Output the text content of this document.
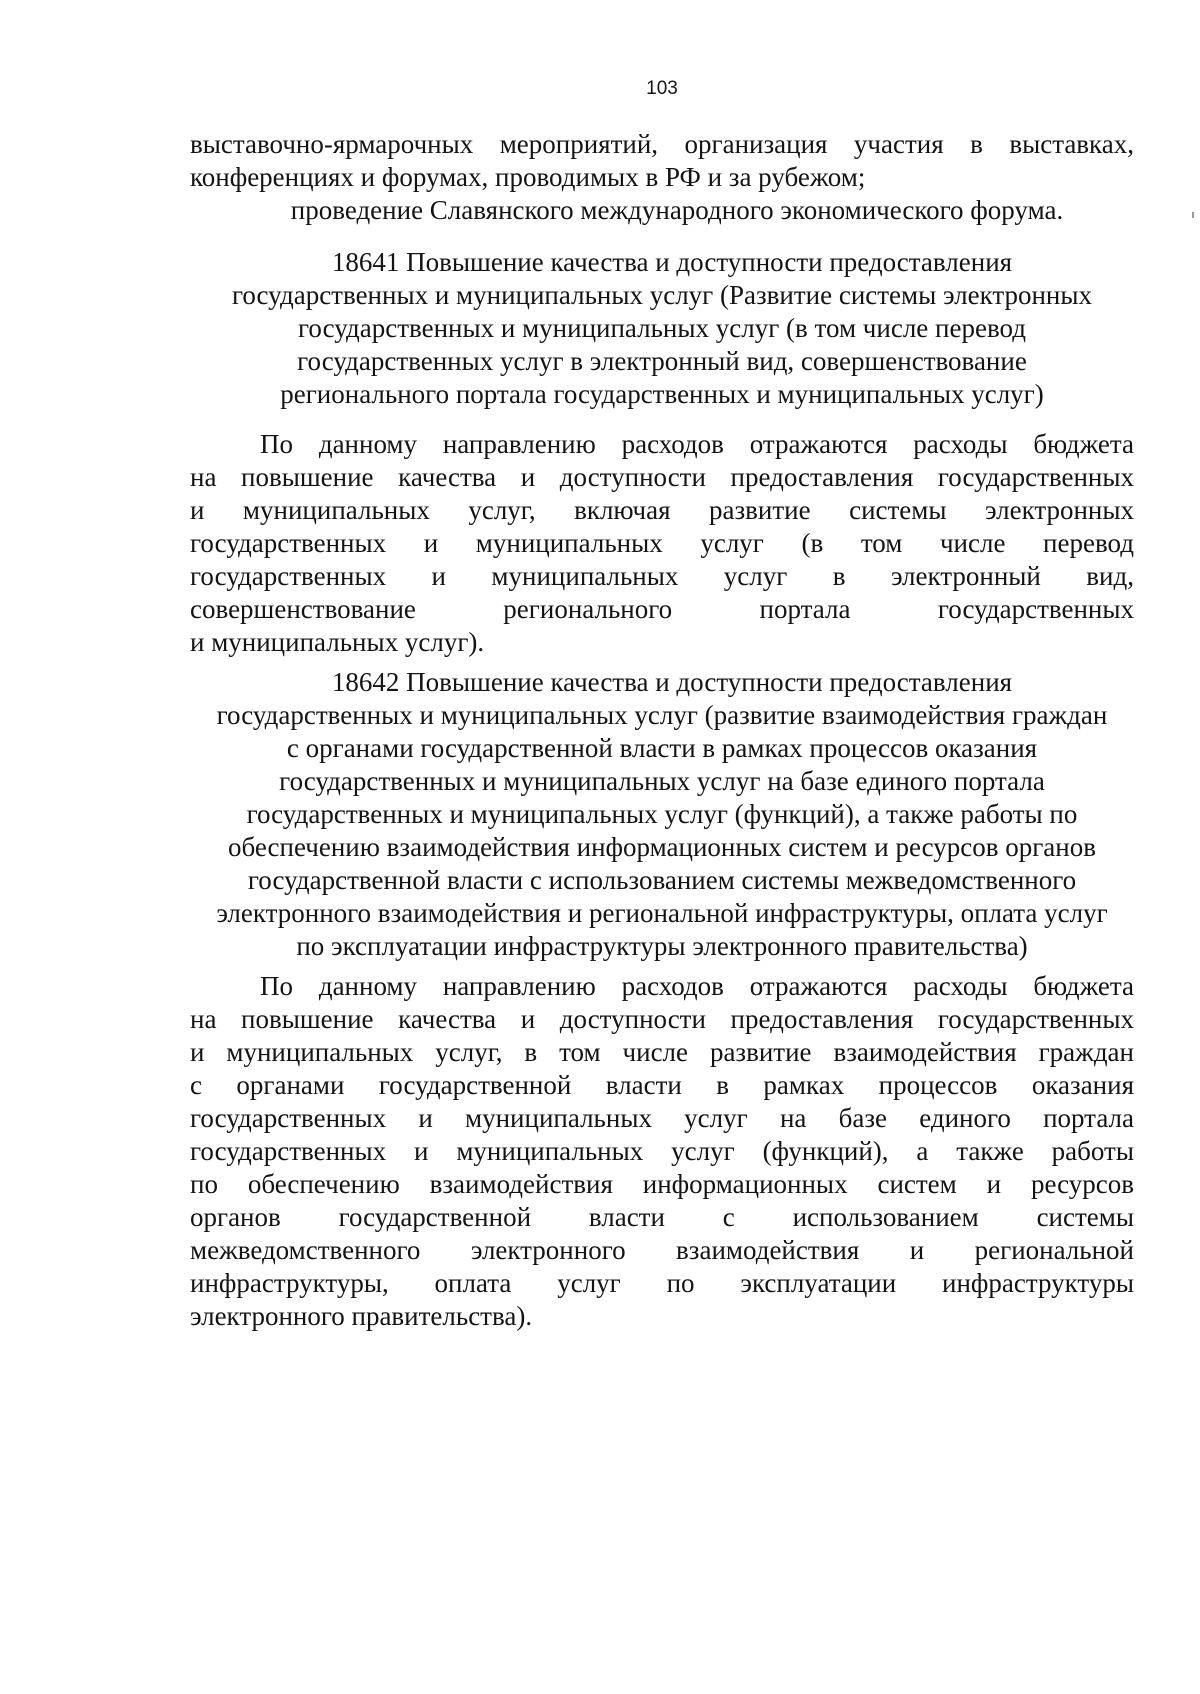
103
выставочно-ярмарочных мероприятий, организация участия в выставках,
конференциях и форумах, проводимых в РФ и за рубежом;
проведение Славянского международного экономического форума.
18641 Повышение качества и доступности предоставления
государственных и муниципальных услуг (Развитие системы электронных
государственных и муниципальных услуг (в том числе перевод
государственных услуг в электронный вид, совершенствование
регионального портала государственных и муниципальных услуг)
По данному направлению расходов отражаются расходы бюджета
на повышение качества и доступности предоставления государственных
и муниципальных услуг, включая развитие системы электронных
государственных и муниципальных услуг (в том числе перевод
государственных и муниципальных услуг в электронный вид,
совершенствование регионального портала государственных
и муниципальных услуг).
18642 Повышение качества и доступности предоставления
государственных и муниципальных услуг (развитие взаимодействия граждан
с органами государственной власти в рамках процессов оказания
государственных и муниципальных услуг на базе единого портала
государственных и муниципальных услуг (функций), а также работы по
обеспечению взаимодействия информационных систем и ресурсов органов
государственной власти с использованием системы межведомственного
электронного взаимодействия и региональной инфраструктуры, оплата услуг
по эксплуатации инфраструктуры электронного правительства)
По данному направлению расходов отражаются расходы бюджета
на повышение качества и доступности предоставления государственных
и муниципальных услуг, в том числе развитие взаимодействия граждан
с органами государственной власти в рамках процессов оказания
государственных и муниципальных услуг на базе единого портала
государственных и муниципальных услуг (функций), а также работы
по обеспечению взаимодействия информационных систем и ресурсов
органов государственной власти с использованием системы
межведомственного электронного взаимодействия и региональной
инфраструктуры, оплата услуг по эксплуатации инфраструктуры
электронного правительства).
